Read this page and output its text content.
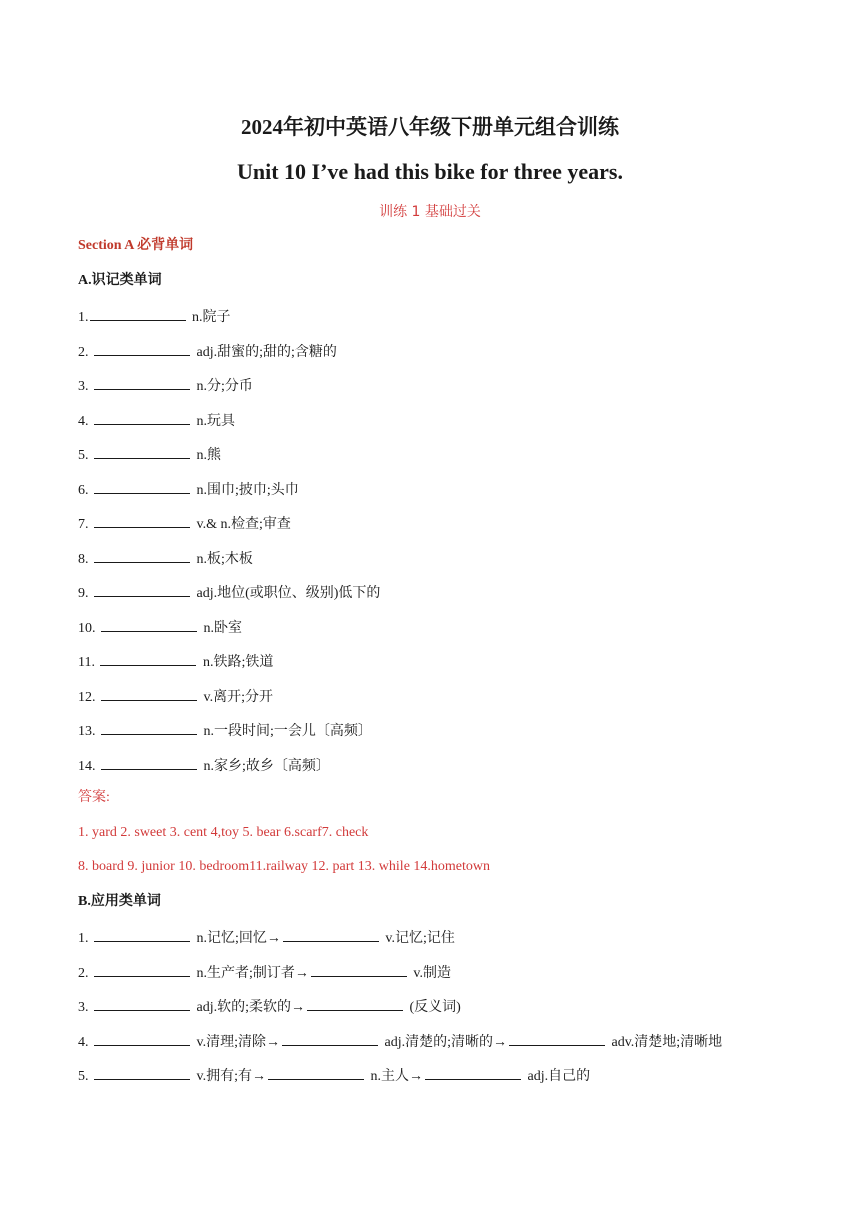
2024年初中英语八年级下册单元组合训练
Unit 10 I’ve had this bike for three years.
训练 1 基础过关
Section A 必背单词
A.识记类单词
1.	n.院子
2.	adj.甜蜜的;甜的;含糖的
3.	n.分;分币
4.	n.玩具
5.	n.熊
6.	n.围巾;披巾;头巾
7.	v.& n.检查;审查
8.	n.板;木板
9.	adj.地位(或职位、级别)低下的
10.	n.卧室
11.	n.铁路;铁道
12.	v.离开;分开
13.	n.一段时间;一会儿〔高频〕
14.	n.家乡;故乡〔高频〕
答案:
1. yard 2. sweet 3. cent 4,toy 5. bear 6.scarf7. check
8. board 9. junior 10. bedroom11.railway 12. part 13. while 14.hometown
B.应用类单词
1.	n.记忆;回忆→	v.记忆;记住
2.	n.生产者;制订者→	v.制造
3.	adj.软的;柔软的→	(反义词)
4.	v.清理;清除→	adj.清楚的;清晰的→	adv.清楚地;清晰地
5.	v.拥有;有→	n.主人→	adj.自己的
